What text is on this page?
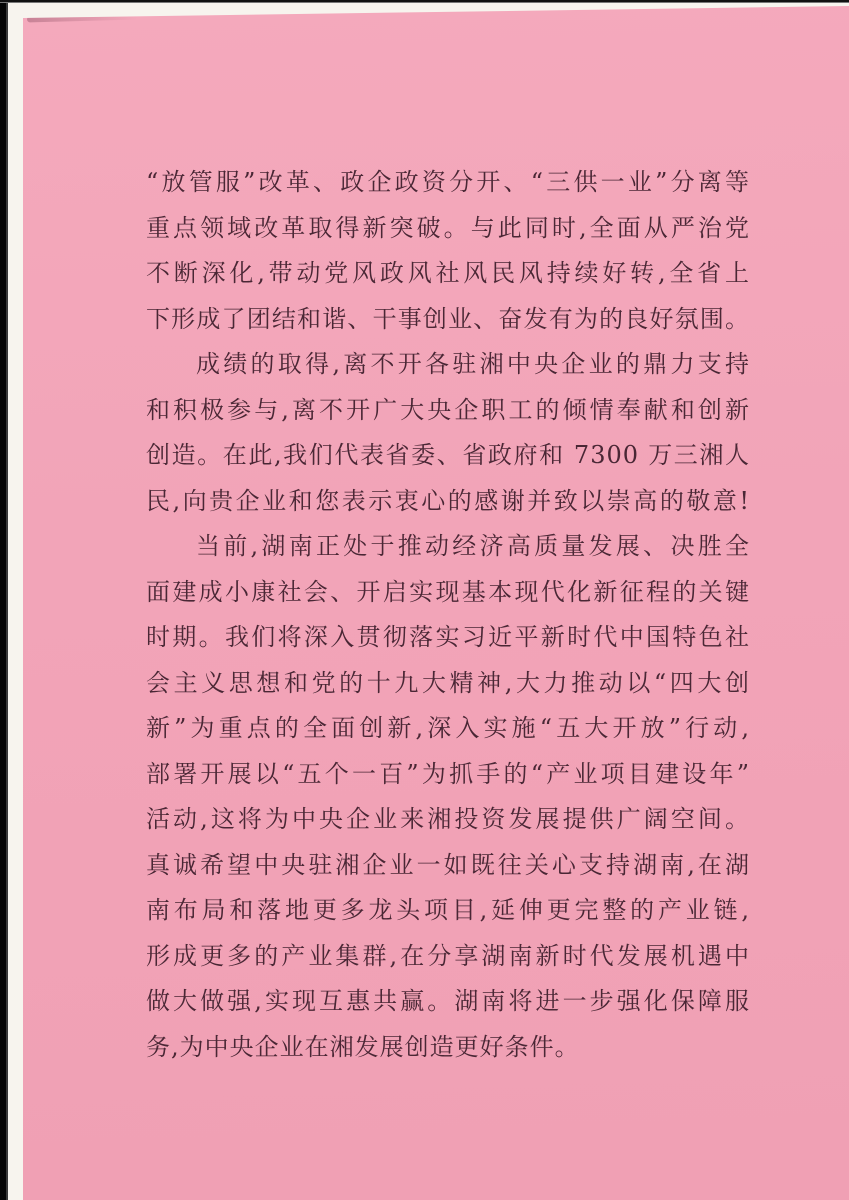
“放管服”改革、政企政资分开、“三供一业”分离等
重点领域改革取得新突破。与此同时,全面从严治党
不断深化,带动党风政风社风民风持续好转,全省上
下形成了团结和谐、干事创业、奋发有为的良好氛围。
成绩的取得,离不开各驻湘中央企业的鼎力支持
和积极参与,离不开广大央企职工的倾情奉献和创新
创造。在此,我们代表省委、省政府和 7300 万三湘人
民,向贵企业和您表示衷心的感谢并致以崇高的敬意!
当前,湖南正处于推动经济高质量发展、决胜全
面建成小康社会、开启实现基本现代化新征程的关键
时期。我们将深入贯彻落实习近平新时代中国特色社
会主义思想和党的十九大精神,大力推动以“四大创
新”为重点的全面创新,深入实施“五大开放”行动,
部署开展以“五个一百”为抓手的“产业项目建设年”
活动,这将为中央企业来湘投资发展提供广阔空间。
真诚希望中央驻湘企业一如既往关心支持湖南,在湖
南布局和落地更多龙头项目,延伸更完整的产业链,
形成更多的产业集群,在分享湖南新时代发展机遇中
做大做强,实现互惠共赢。湖南将进一步强化保障服
务,为中央企业在湘发展创造更好条件。
